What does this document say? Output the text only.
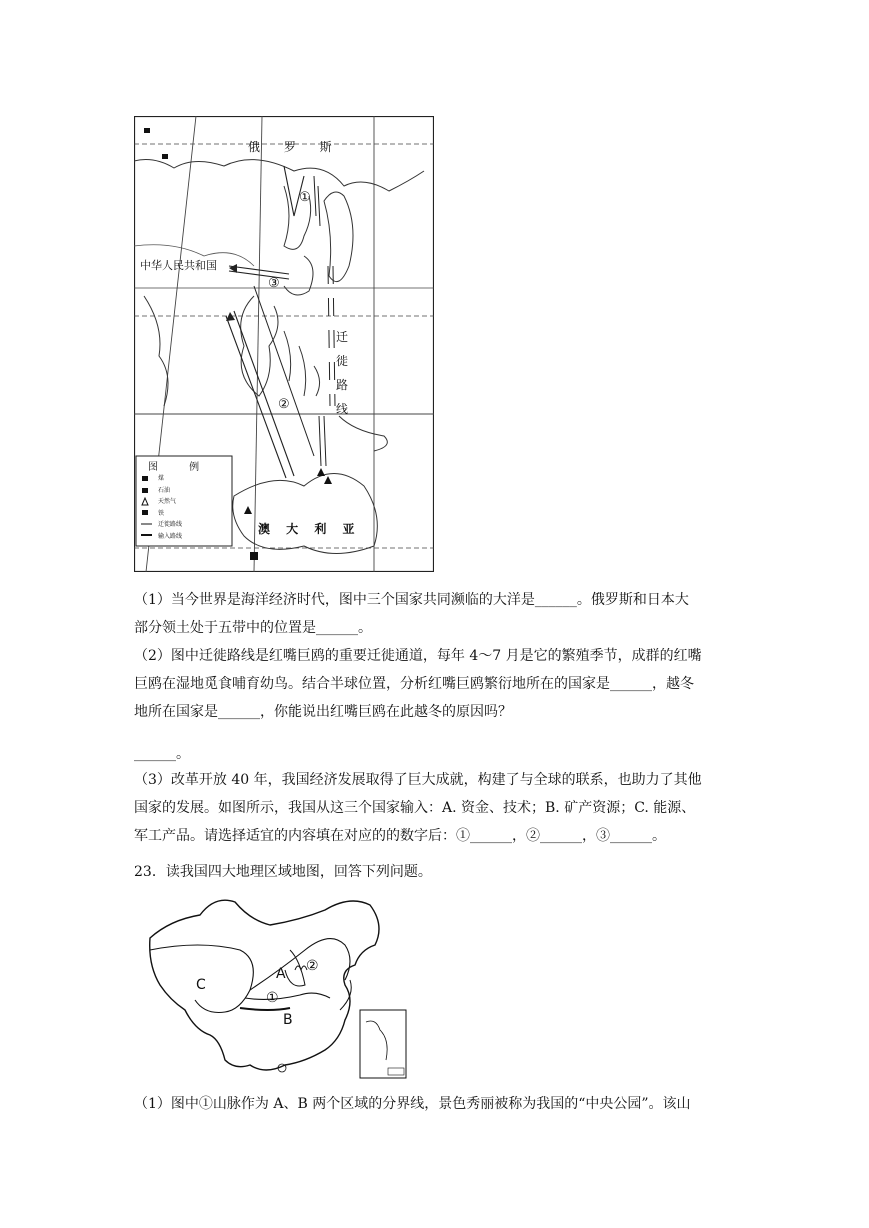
俄 罗 斯
中华人民共和国
澳 大 利 亚
迁
徙
路
线
①
②
③
图 例
煤
石油
天然气
铁
迁徙路线
输入路线

（1）当今世界是海洋经济时代，图中三个国家共同濒临的大洋是______。俄罗斯和日本大
部分领土处于五带中的位置是______。

（2）图中迁徙路线是红嘴巨鸥的重要迁徙通道，每年 4～7 月是它的繁殖季节，成群的红嘴
巨鸥在湿地觅食哺育幼鸟。结合半球位置，分析红嘴巨鸥繁衍地所在的国家是______，越冬
地所在国家是______，你能说出红嘴巨鸥在此越冬的原因吗？

______。

（3）改革开放 40 年，我国经济发展取得了巨大成就，构建了与全球的联系，也助力了其他
国家的发展。如图所示，我国从这三个国家输入：A. 资金、技术；B. 矿产资源；C. 能源、
军工产品。请选择适宜的内容填在对应的的数字后：①______，②______，③______。

23．读我国四大地理区域地图，回答下列问题。

A
B
C
①
②

（1）图中①山脉作为 A、B 两个区域的分界线，景色秀丽被称为我国的“中央公园”。该山
